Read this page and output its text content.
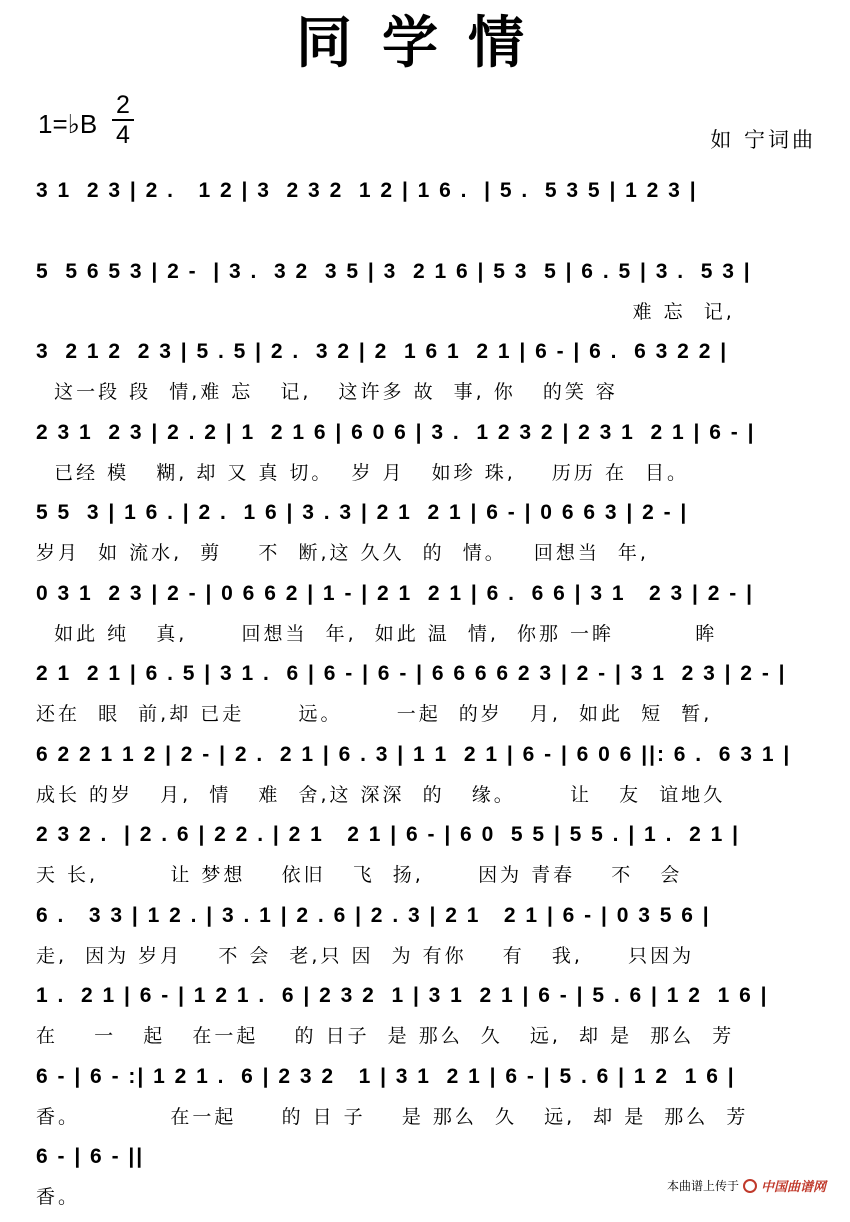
同学情
1=♭B
2
4	如 宁词曲
3 1  2 3 | 2 .   1 2 | 3  2 3 2  1 2 | 1 6 .  | 5 .  5 3 5 | 1 2 3 |
5  5 6 5 3 | 2 -  | 3 .  3 2  3 5 | 3  2 1 6 | 5 3  5 | 6 . 5 | 3 .  5 3 |
难 忘  记,
3  2 1 2  2 3 | 5 . 5 | 2 .  3 2 | 2  1 6 1  2 1 | 6 - | 6 .  6 3 2 2 |
这一段 段  情,难 忘   记,   这许多 故  事, 你   的笑 容
2 3 1  2 3 | 2 . 2 | 1  2 1 6 | 6 0 6 | 3 .  1 2 3 2 | 2 3 1  2 1 | 6 - |
已经 模   糊, 却 又 真 切。  岁 月   如珍 珠,    历历 在  目。
5 5  3 | 1 6 . | 2 .  1 6 | 3 . 3 | 2 1  2 1 | 6 - | 0 6 6 3 | 2 - |
岁月  如 流水,  剪    不  断,这 久久  的  情。   回想当  年,
0 3 1  2 3 | 2 - | 0 6 6 2 | 1 - | 2 1  2 1 | 6 .  6 6 | 3 1   2 3 | 2 - |
如此 纯   真,      回想当  年,  如此 温  情,  你那 一眸         眸
2 1  2 1 | 6 . 5 | 3 1 .  6 | 6 - | 6 - | 6 6 6 6 2 3 | 2 - | 3 1  2 3 | 2 - |
还在  眼  前,却 已走      远。      一起  的岁   月,  如此  短  暂,
6 2 2 1 1 2 | 2 - | 2 .  2 1 | 6 . 3 | 1 1  2 1 | 6 - | 6 0 6 ||: 6 .  6 3 1 |
成长 的岁   月,  情   难  舍,这 深深  的   缘。      让   友  谊地久
2 3 2 .  | 2 . 6 | 2 2 . | 2 1   2 1 | 6 - | 6 0  5 5 | 5 5 . | 1 .  2 1 |
天 长,        让 梦想    依旧   飞  扬,      因为 青春    不   会
6 .   3 3 | 1 2 . | 3 . 1 | 2 . 6 | 2 . 3 | 2 1   2 1 | 6 - | 0 3 5 6 |
走,  因为 岁月    不 会  老,只 因  为 有你    有   我,     只因为
1 .  2 1 | 6 - | 1 2 1 .  6 | 2 3 2  1 | 3 1  2 1 | 6 - | 5 . 6 | 1 2  1 6 |
在    一   起   在一起    的 日子  是 那么  久   远,  却 是  那么  芳
6 - | 6 - :| 1 2 1 .  6 | 2 3 2   1 | 3 1  2 1 | 6 - | 5 . 6 | 1 2  1 6 |
香。          在一起     的 日 子    是 那么  久   远,  却 是  那么  芳
6 - | 6 - ||
香。	本曲谱上传于 中国曲谱网
